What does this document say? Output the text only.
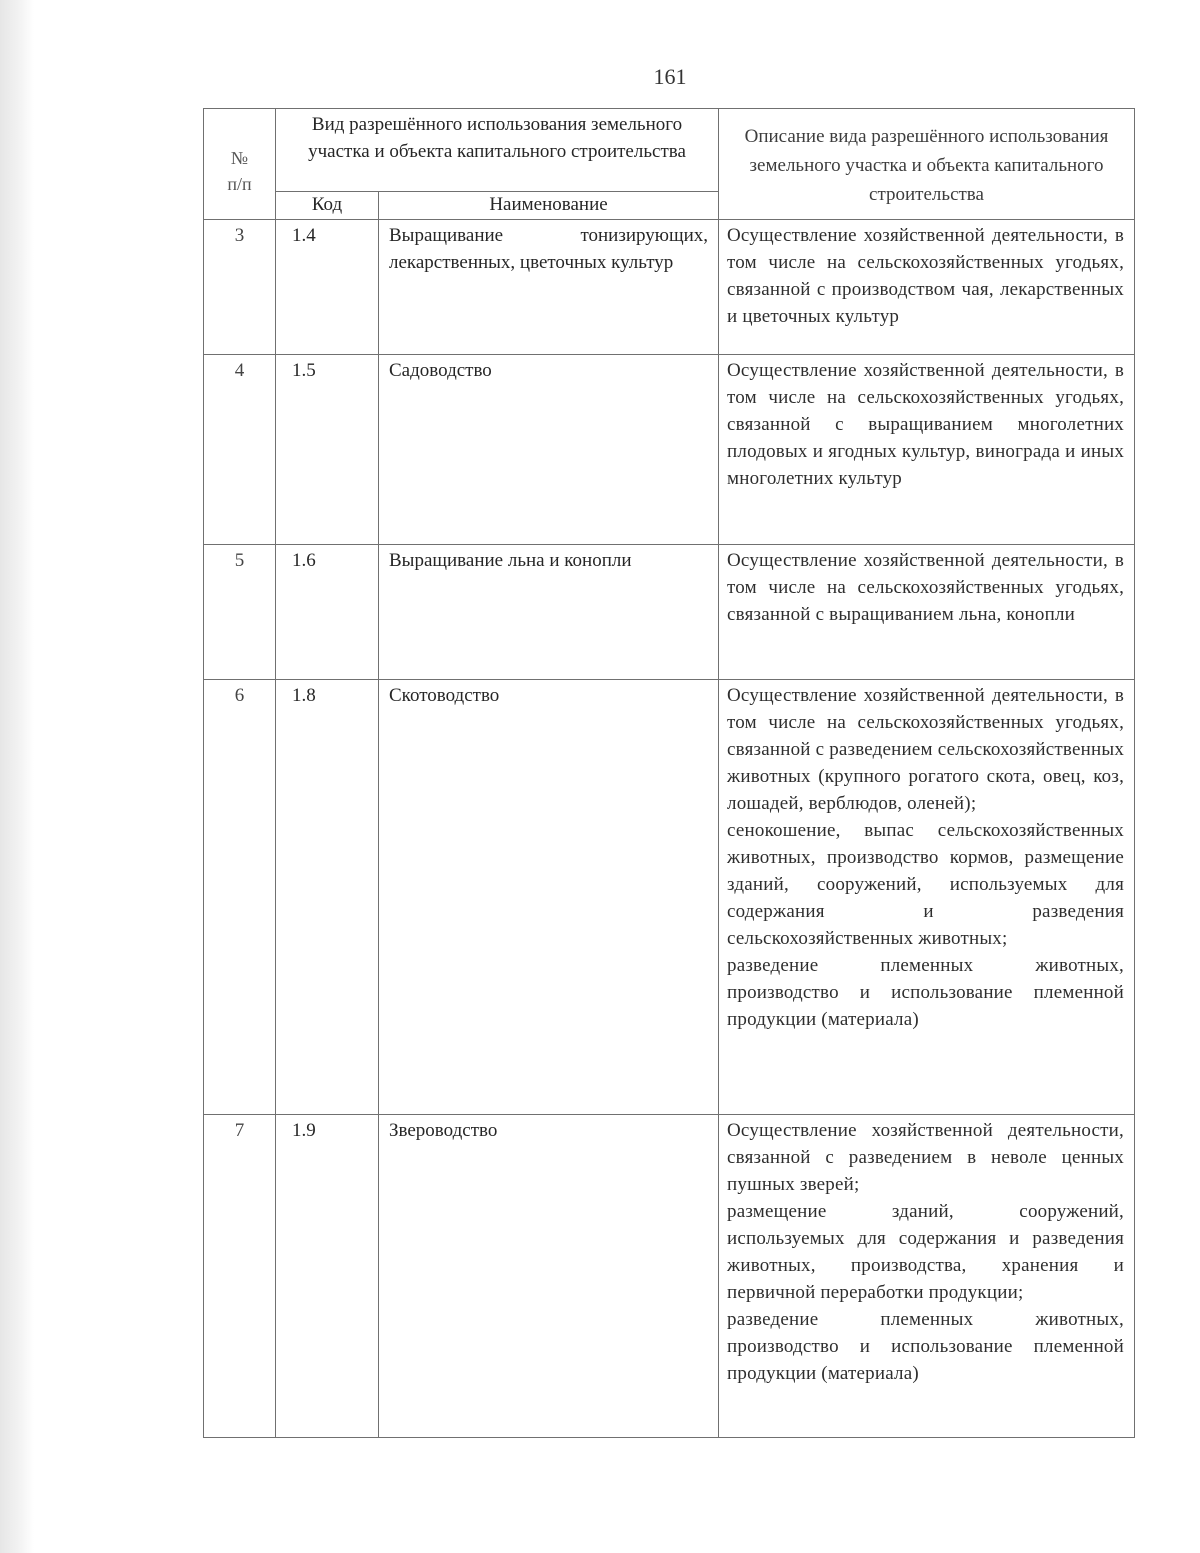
161
№
п/п	Вид разрешённого использования земельного участка и объекта капитального строительства		Описание вида разрешённого использования земельного участка и объекта капитального строительства
	Код	Наименование	
3	1.4	Выращивание тонизирующих, лекарственных, цветочных культур	Осуществление хозяйственной деятельности, в том числе на сельскохозяйственных угодьях, связанной с производством чая, лекарственных и цветочных культур
4	1.5	Садоводство	Осуществление хозяйственной деятельности, в том числе на сельскохозяйственных угодьях, связанной с выращиванием многолетних плодовых и ягодных культур, винограда и иных многолетних культур
5	1.6	Выращивание льна и конопли	Осуществление хозяйственной деятельности, в том числе на сельскохозяйственных угодьях, связанной с выращиванием льна, конопли
6	1.8	Скотоводство	Осуществление хозяйственной деятельности, в том числе на сельскохозяйственных угодьях, связанной с разведением сельскохозяйственных животных (крупного рогатого скота, овец, коз, лошадей, верблюдов, оленей);
сенокошение, выпас сельскохозяйственных животных, производство кормов, размещение зданий, сооружений, используемых для содержания и разведения сельскохозяйственных животных;
разведение племенных животных, производство и использование племенной продукции (материала)

7	1.9	Звероводство	Осуществление хозяйственной деятельности, связанной с разведением в неволе ценных пушных зверей;
размещение зданий, сооружений, используемых для содержания и разведения животных, производства, хранения и первичной переработки продукции;
разведение племенных животных, производство и использование племенной продукции (материала)
